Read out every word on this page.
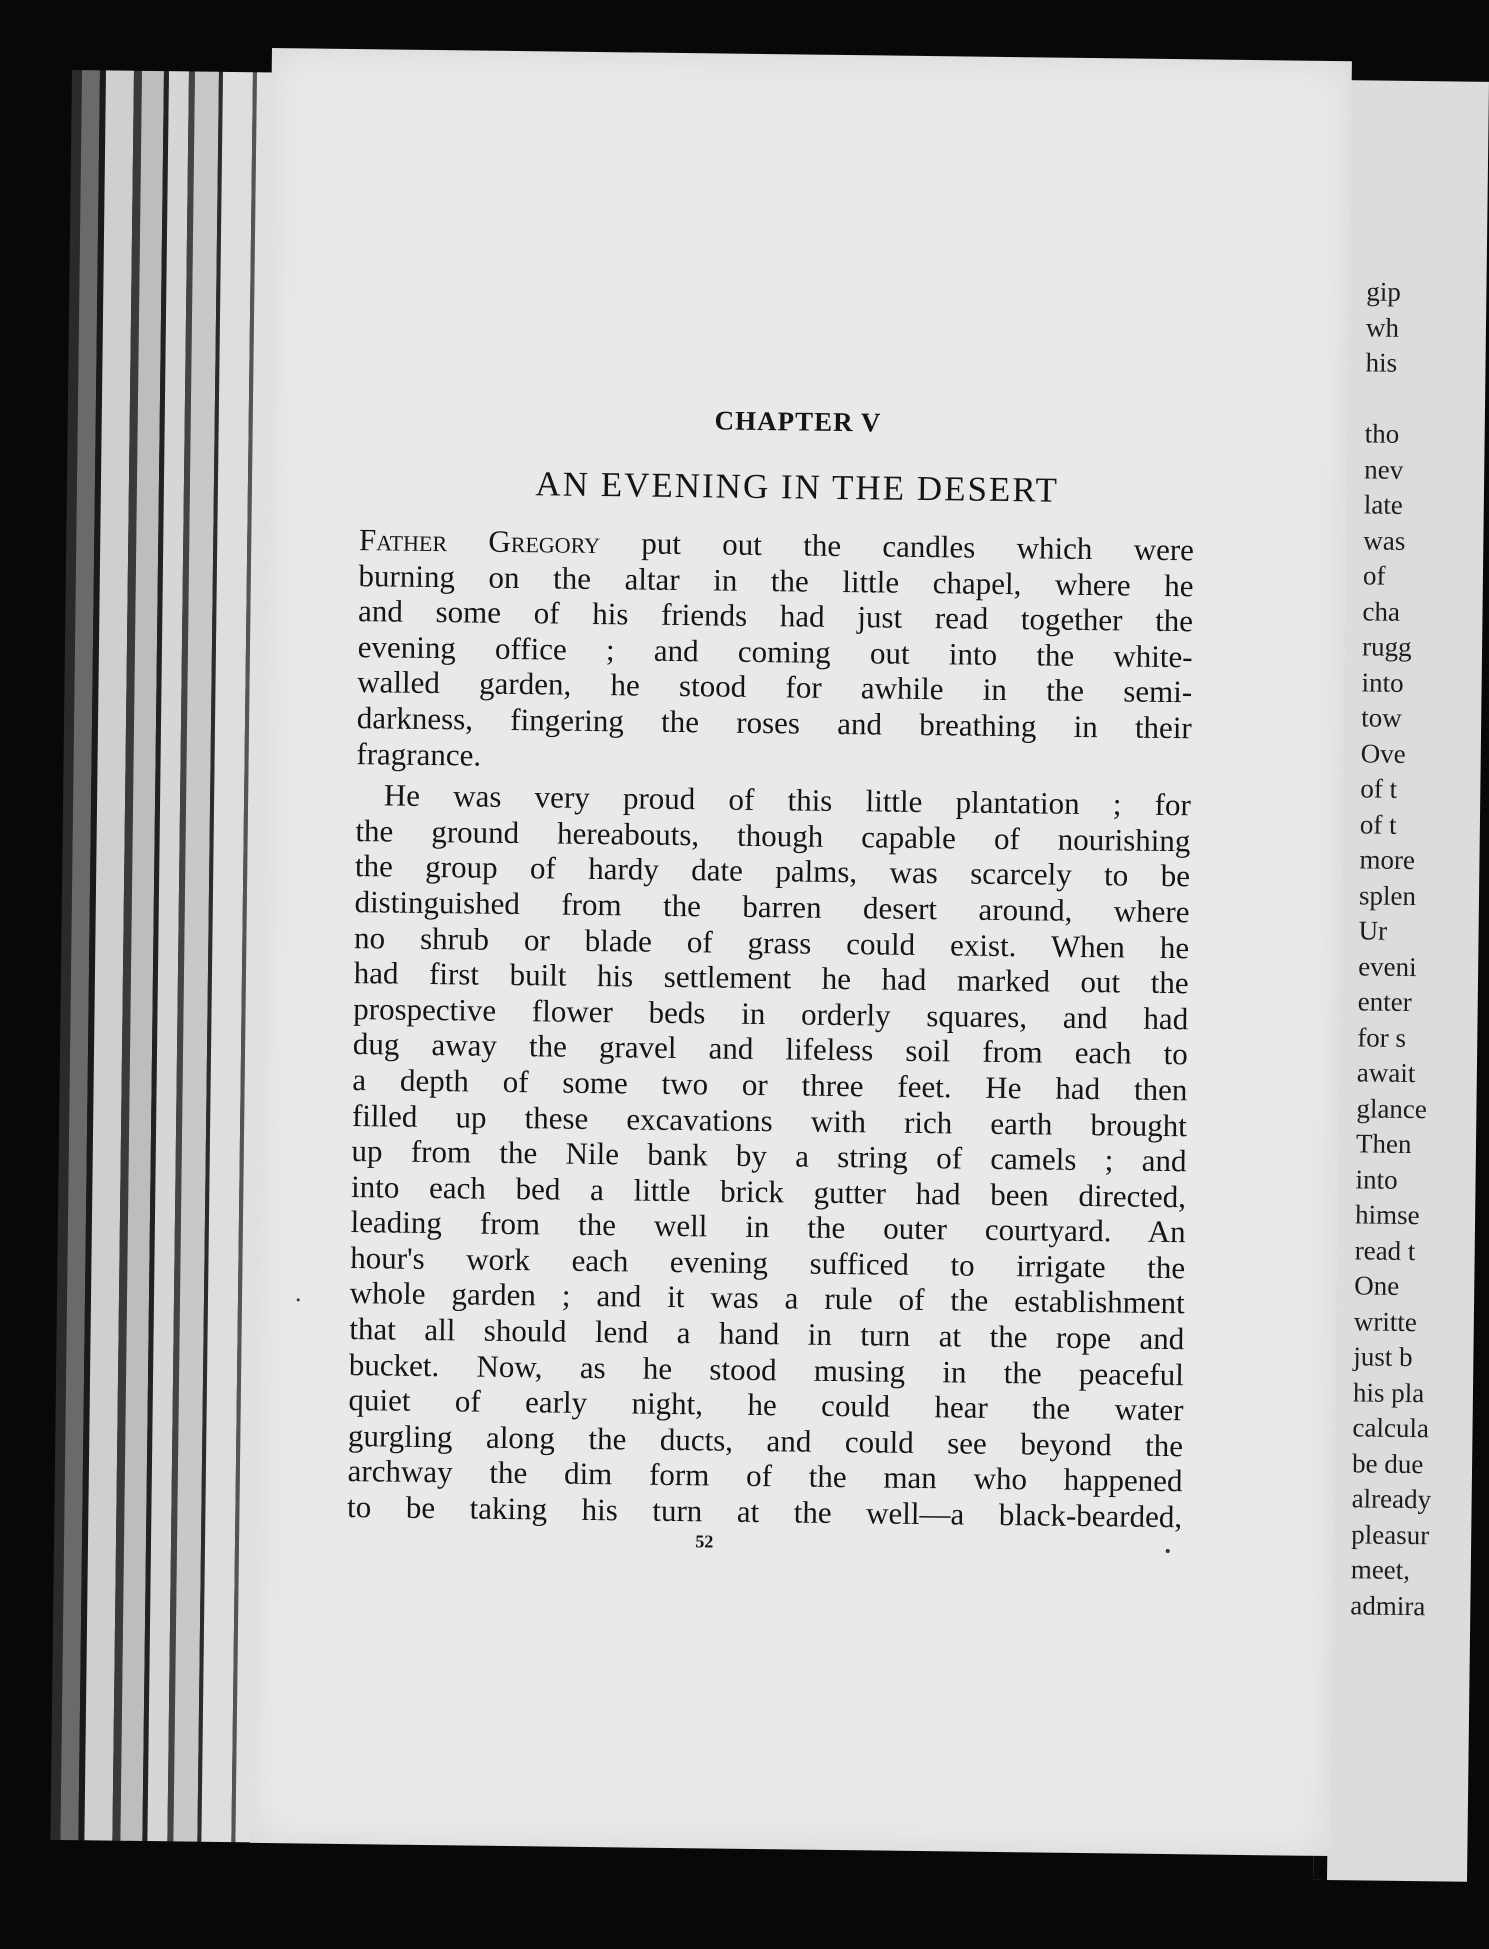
gip
wh
his
tho
nev
late
was
of
cha
rugg
into
tow
Ove
of t
of t
more
splen
Ur
eveni
enter
for s
await
glance
Then
into
himse
read t
One
writte
just b
his pla
calcula
be due
already
pleasur
meet,
admira
CHAPTER V
AN EVENING IN THE DESERT
Father Gregory put out the candles which were
burning on the altar in the little chapel, where he
and some of his friends had just read together the
evening office ; and coming out into the white-
walled garden, he stood for awhile in the semi-
darkness, fingering the roses and breathing in their
fragrance.
He was very proud of this little plantation ; for
the ground hereabouts, though capable of nourishing
the group of hardy date palms, was scarcely to be
distinguished from the barren desert around, where
no shrub or blade of grass could exist. When he
had first built his settlement he had marked out the
prospective flower beds in orderly squares, and had
dug away the gravel and lifeless soil from each to
a depth of some two or three feet. He had then
filled up these excavations with rich earth brought
up from the Nile bank by a string of camels ; and
into each bed a little brick gutter had been directed,
leading from the well in the outer courtyard. An
hour's work each evening sufficed to irrigate the
whole garden ; and it was a rule of the establishment
that all should lend a hand in turn at the rope and
bucket. Now, as he stood musing in the peaceful
quiet of early night, he could hear the water
gurgling along the ducts, and could see beyond the
archway the dim form of the man who happened
to be taking his turn at the well—a black-bearded,
52
